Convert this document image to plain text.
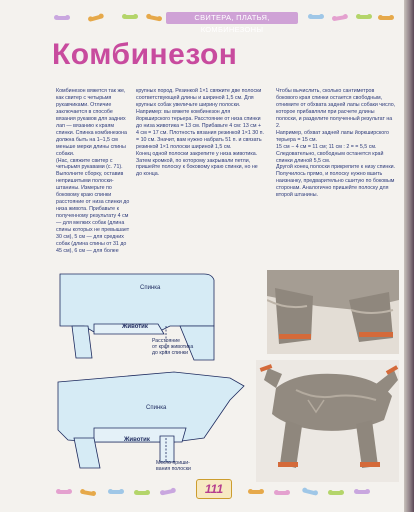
СВИТЕРА, ПЛАТЬЯ, КОМБИНЕЗОНЫ
Комбинезон

Комбинезон вяжется так же, как свитер с четырьмя рукавчиками. Отличие заключается в способе вязания рукавов для задних лап — вязанию к краям спинки. Спинка комбинезона должна быть на 1–1,5 см меньше мерки длины спины собаки.

(Нас, свяжите свитер с четырьмя рукавами (с. 71). Выполните сборку, оставив непришитыми полоски-штанины. Измерьте по боковому краю спинки расстояние от низа спинки до низа живота. Прибавьте к полученному результату 4 см — для мелких собак (длина спины которых не превышает 30 см), 5 см — для средних собак (длина спины от 31 до 45 см), 6 см — для более

крупных пород. Резинкой 1×1 свяжите две полоски соответствующей длины и шириной 1,5 см. Для крупных собак увеличьте ширину полоски.

Например: вы вяжете комбинезон для йоркширского терьера. Расстояние от низа спинки до низа животика = 13 см. Прибавьте 4 см: 13 см + 4 см = 17 см. Плотность вязания резинкой 1×1 30 п. = 10 см. Значит, вам нужно набрать 51 п. и связать резинкой 1×1 полоски шириной 1,5 см.

Конец одной полоски закрепите у низа животика. Затем кромкой, по которому закрывали петли, пришейте полоску к боковому краю спинки, но не до конца.

Чтобы вычислить, сколько сантиметров бокового края спинки остается свободным, отнимите от обхвата задней лапы собаки число, которое прибавляли при расчете длины полоски, и разделите полученный результат на 2.

Например, обхват задней лапы йоркширского терьера = 15 см.

15 см − 4 см = 11 см; 11 см : 2 = = 5,5 см. Следовательно, свободным останется край спинки длиной 5,5 см.

Другой конец полоски прикрепите к низу спинки. Получилось прямо, и полоску нужно вшить наизнанку, предварительно сшитую по боковым сторонам. Аналогично пришейте полоску для второй штанины.

Спинка
Животик
Расстояние
от края животика
до края спинки
Спинка
Животик
Место приши-
вания полоски
111
